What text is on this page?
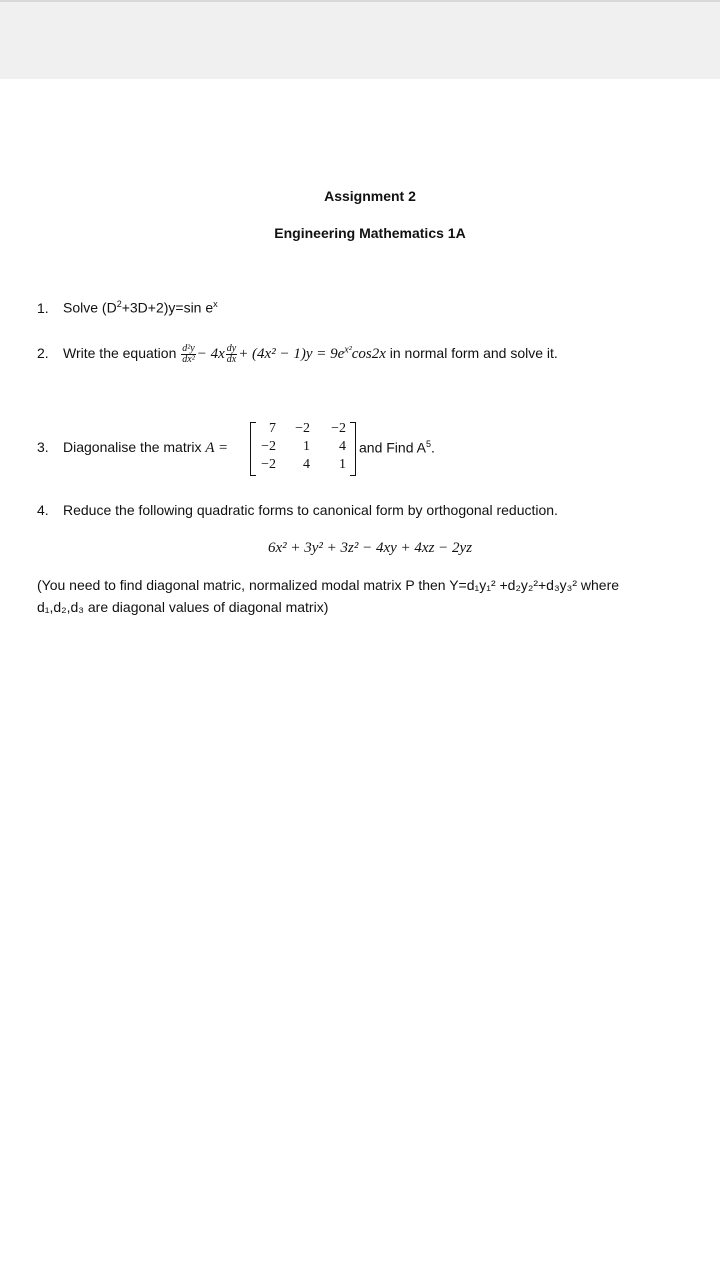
Assignment 2
Engineering Mathematics 1A
1. Solve $(D^2+3D+2)y=\sin$ $e^x$
2. Write the equation $\frac{\text{d²y}}{\text{dx²}} - 4x \frac{dy}{dx} + (4x^2 - 1)y = 9e^{x^2}\cos 2x$ in normal form and solve it.
3. Diagonalise the matrix A =
7	−2	−2
−2	1	4
−2	4	1
and Find $A^5$.
4. Reduce the following quadratic forms to canonical form by orthogonal reduction.
6x² + 3y² + 3z² − 4xy + 4xz − 2yz
(You need to find diagonal matric, normalized modal matrix P then Y=d₁y₁² +d₂y₂²+d₃y₃² where
d₁,d₂,d₃ are diagonal values of diagonal matrix)
